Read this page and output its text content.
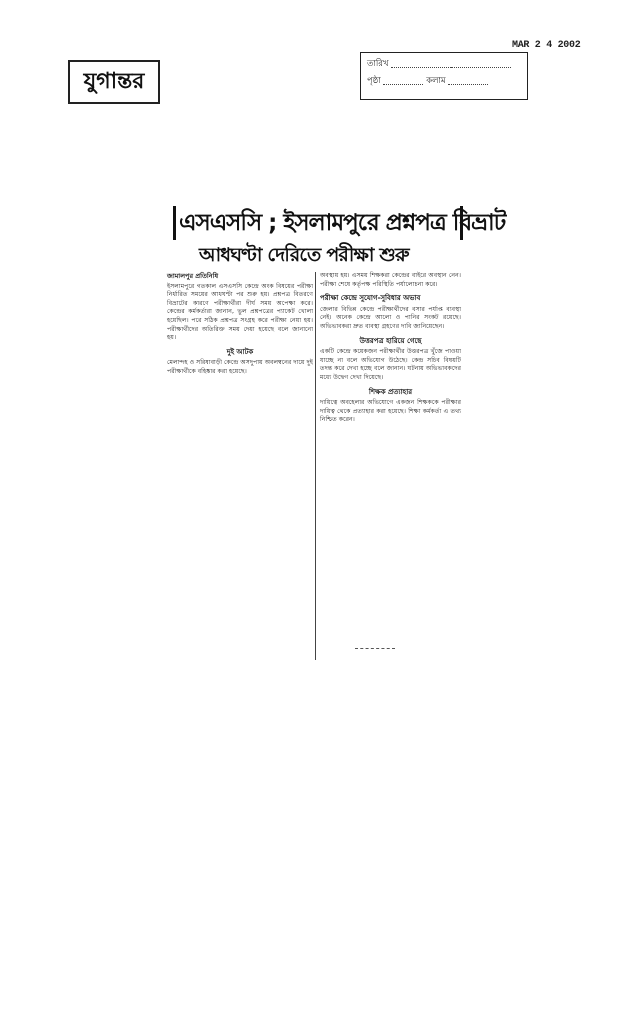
MAR 2 4 2002
যুগান্তর
তারিখ
পৃষ্ঠা	কলাম
এসএসসি ; ইসলামপুরে প্রশ্নপত্র বিভ্রাট
আধঘণ্টা দেরিতে পরীক্ষা শুরু
জামালপুর প্রতিনিধি

ইসলামপুরে গতকাল এসএসসি কেন্দ্রে অংক বিষয়ের পরীক্ষা নির্ধারিত সময়ের আধঘণ্টা পর শুরু হয়। প্রশ্নপত্র বিতরণে বিভ্রাটের কারণে পরীক্ষার্থীরা দীর্ঘ সময় অপেক্ষা করে। কেন্দ্রের কর্মকর্তারা জানান, ভুল প্রশ্নপত্রের প্যাকেট খোলা হয়েছিল। পরে সঠিক প্রশ্নপত্র সংগ্রহ করে পরীক্ষা নেয়া হয়। পরীক্ষার্থীদের অতিরিক্ত সময় দেয়া হয়েছে বলে জানানো হয়।

দুই আটক

মেলান্দহ ও সরিষাবাড়ী কেন্দ্রে অসদুপায় অবলম্বনের দায়ে দুই পরীক্ষার্থীকে বহিষ্কার করা হয়েছে।

অবস্থায় হয়। এসময় শিক্ষকরা কেন্দ্রের বাইরে অবস্থান নেন। পরীক্ষা শেষে কর্তৃপক্ষ পরিস্থিতি পর্যালোচনা করে।

পরীক্ষা কেন্দ্রে সুযোগ-সুবিধার অভাব

জেলার বিভিন্ন কেন্দ্রে পরীক্ষার্থীদের বসার পর্যাপ্ত ব্যবস্থা নেই। অনেক কেন্দ্রে আলো ও পানির সংকট রয়েছে। অভিভাবকরা দ্রুত ব্যবস্থা গ্রহণের দাবি জানিয়েছেন।

উত্তরপত্র হারিয়ে গেছে

একটি কেন্দ্রে কয়েকজন পরীক্ষার্থীর উত্তরপত্র খুঁজে পাওয়া যাচ্ছে না বলে অভিযোগ উঠেছে। কেন্দ্র সচিব বিষয়টি তদন্ত করে দেখা হচ্ছে বলে জানান। ঘটনায় অভিভাবকদের মধ্যে উদ্বেগ দেখা দিয়েছে।

শিক্ষক প্রত্যাহার

দায়িত্বে অবহেলার অভিযোগে একজন শিক্ষককে পরীক্ষার দায়িত্ব থেকে প্রত্যাহার করা হয়েছে। শিক্ষা কর্মকর্তা এ তথ্য নিশ্চিত করেন।
